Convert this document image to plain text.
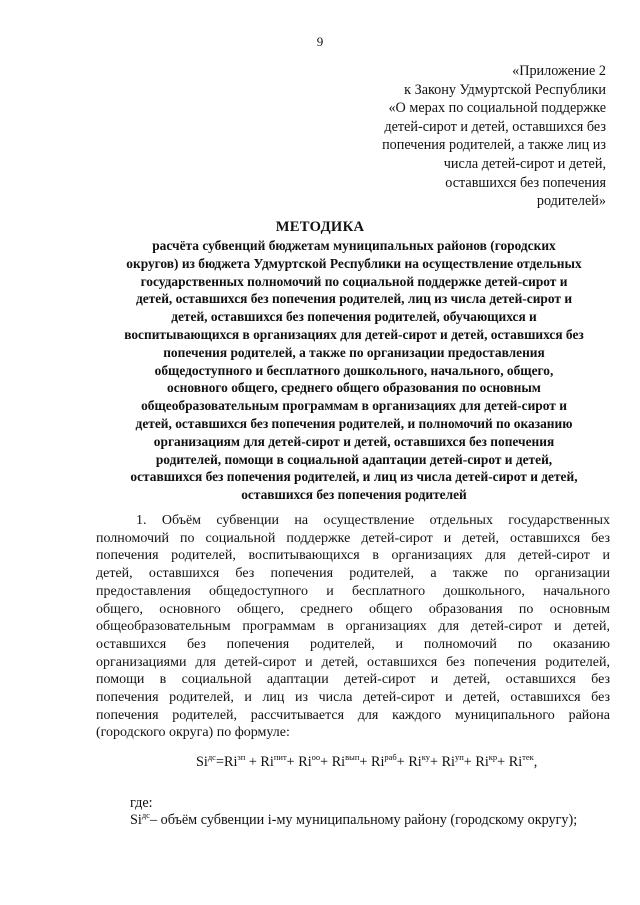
9
«Приложение 2
к Закону Удмуртской Республики
«О мерах по социальной поддержке
детей-сирот и детей, оставшихся без
попечения родителей, а также лиц из
числа детей-сирот и детей,
оставшихся без попечения
родителей»
МЕТОДИКА
расчёта субвенций бюджетам муниципальных районов (городских
округов) из бюджета Удмуртской Республики на осуществление отдельных
государственных полномочий по социальной поддержке детей-сирот и
детей, оставшихся без попечения родителей, лиц из числа детей-сирот и
детей, оставшихся без попечения родителей, обучающихся и
воспитывающихся в организациях для детей-сирот и детей, оставшихся без
попечения родителей, а также по организации предоставления
общедоступного и бесплатного дошкольного, начального, общего,
основного общего, среднего общего образования по основным
общеобразовательным программам в организациях для детей-сирот и
детей, оставшихся без попечения родителей, и полномочий по оказанию
организациям для детей-сирот и детей, оставшихся без попечения
родителей, помощи в социальной адаптации детей-сирот и детей,
оставшихся без попечения родителей, и лиц из числа детей-сирот и детей,
оставшихся без попечения родителей
1. Объём субвенции на осуществление отдельных государственных
полномочий по социальной поддержке детей-сирот и детей, оставшихся без
попечения родителей, воспитывающихся в организациях для детей-сирот и
детей, оставшихся без попечения родителей, а также по организации
предоставления общедоступного и бесплатного дошкольного, начального
общего, основного общего, среднего общего образования по основным
общеобразовательным программам в организациях для детей-сирот и детей,
оставшихся без попечения родителей, и полномочий по оказанию
организациями для детей-сирот и детей, оставшихся без попечения родителей,
помощи в социальной адаптации детей-сирот и детей, оставшихся без
попечения родителей, и лиц из числа детей-сирот и детей, оставшихся без
попечения родителей, рассчитывается для каждого муниципального района
(городского округа) по формуле:
$Si^{дс}=Ri^{зп} + Ri^{пит}+ Ri^{оо}+ Ri^{вып}+ Ri^{раб}+ Ri^{ку}+ Ri^{уп}+ Ri^{кр}+ Ri^{тек}$,
где:
$Si^{дс}-$ объём субвенции i-му муниципальному району (городскому округу);
